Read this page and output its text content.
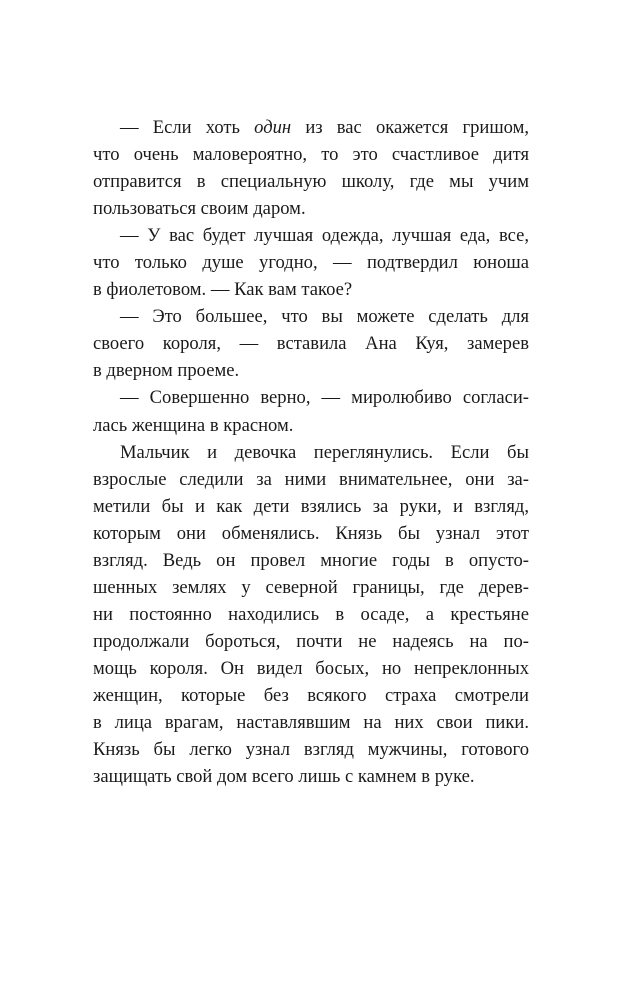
— Если хоть один из вас окажется гришом,
что очень маловероятно, то это счастливое дитя
отправится в специальную школу, где мы учим
пользоваться своим даром.
— У вас будет лучшая одежда, лучшая еда, все,
что только душе угодно, — подтвердил юноша
в фиолетовом. — Как вам такое?
— Это большее, что вы можете сделать для
своего короля, — вставила Ана Куя, замерев
в дверном проеме.
— Совершенно верно, — миролюбиво согласи-
лась женщина в красном.
Мальчик и девочка переглянулись. Если бы
взрослые следили за ними внимательнее, они за-
метили бы и как дети взялись за руки, и взгляд,
которым они обменялись. Князь бы узнал этот
взгляд. Ведь он провел многие годы в опусто-
шенных землях у северной границы, где дерев-
ни постоянно находились в осаде, а крестьяне
продолжали бороться, почти не надеясь на по-
мощь короля. Он видел босых, но непреклонных
женщин, которые без всякого страха смотрели
в лица врагам, наставлявшим на них свои пики.
Князь бы легко узнал взгляд мужчины, готового
защищать свой дом всего лишь с камнем в руке.
